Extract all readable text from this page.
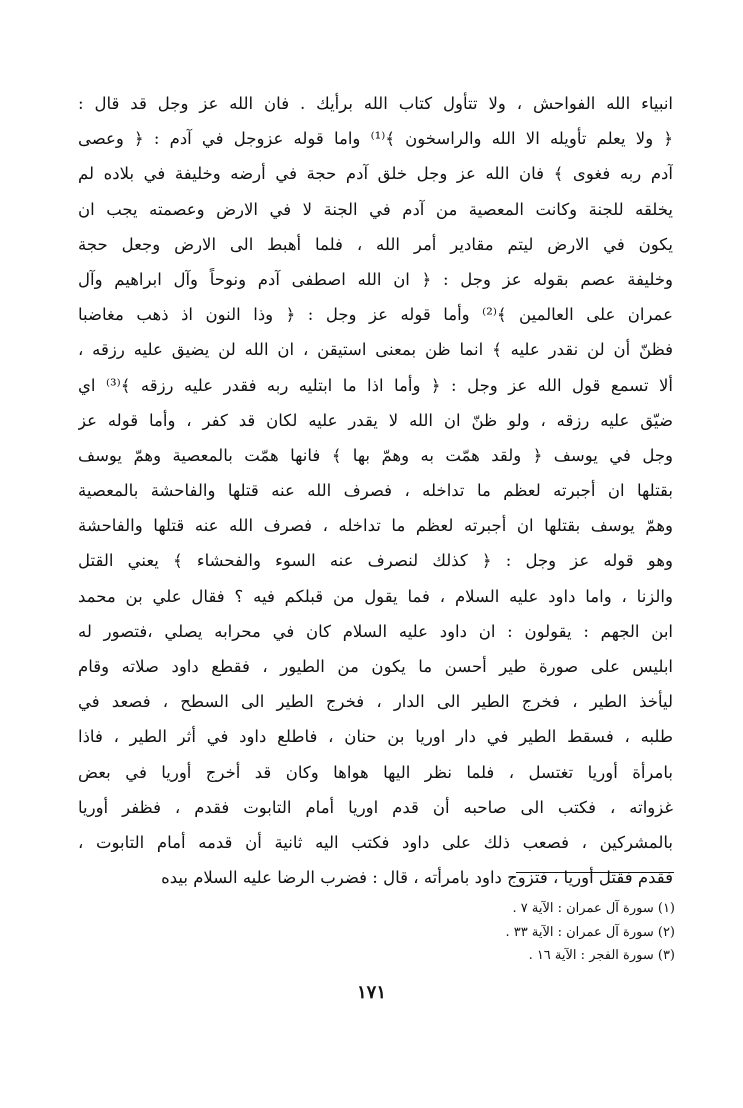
انبياء الله الفواحش ، ولا تتأول كتاب الله برأيك . فان الله عز وجل قد قال :
﴿ ولا يعلم تأويله الا الله والراسخون ﴾⁽¹⁾ واما قوله عزوجل في آدم : ﴿ وعصى
آدم ربه فغوى ﴾ فان الله عز وجل خلق آدم حجة في أرضه وخليفة في بلاده لم
يخلقه للجنة وكانت المعصية من آدم في الجنة لا في الارض وعصمته يجب ان
يكون في الارض ليتم مقادير أمر الله ، فلما أهبط الى الارض وجعل حجة
وخليفة عصم بقوله عز وجل : ﴿ ان الله اصطفى آدم ونوحاً وآل ابراهيم وآل
عمران على العالمين ﴾⁽²⁾ وأما قوله عز وجل : ﴿ وذا النون اذ ذهب مغاضبا
فظنّ أن لن نقدر عليه ﴾ انما ظن بمعنى استيقن ، ان الله لن يضيق عليه رزقه ،
ألا تسمع قول الله عز وجل : ﴿ وأما اذا ما ابتليه ربه فقدر عليه رزقه ﴾⁽³⁾ اي
ضيّق عليه رزقه ، ولو ظنّ ان الله لا يقدر عليه لكان قد كفر ، وأما قوله عز
وجل في يوسف ﴿ ولقد همّت به وهمّ بها ﴾ فانها همّت بالمعصية وهمّ يوسف
بقتلها ان أجبرته لعظم ما تداخله ، فصرف الله عنه قتلها والفاحشة بالمعصية
وهمّ يوسف بقتلها ان أجبرته لعظم ما تداخله ، فصرف الله عنه قتلها والفاحشة
وهو قوله عز وجل : ﴿ كذلك لنصرف عنه السوء والفحشاء ﴾ يعني القتل
والزنا ، واما داود عليه السلام ، فما يقول من قبلكم فيه ؟ فقال علي بن محمد
ابن الجهم : يقولون : ان داود عليه السلام كان في محرابه يصلي ،فتصور له
ابليس على صورة طير أحسن ما يكون من الطيور ، فقطع داود صلاته وقام
ليأخذ الطير ، فخرج الطير الى الدار ، فخرج الطير الى السطح ، فصعد في
طلبه ، فسقط الطير في دار اوريا بن حنان ، فاطلع داود في أثر الطير ، فاذا
بامرأة أوريا تغتسل ، فلما نظر اليها هواها وكان قد أخرج أوريا في بعض
غزواته ، فكتب الى صاحبه أن قدم اوريا أمام التابوت فقدم ، فظفر أوريا
بالمشركين ، فصعب ذلك على داود فكتب اليه ثانية أن قدمه أمام التابوت ،
فقدم فقتل أوريا ، فتزوج داود بامرأته ، قال : فضرب الرضا عليه السلام بيده
(١) سورة آل عمران : الآية ٧ .
(٢) سورة آل عمران : الآية ٣٣ .
(٣) سورة الفجر : الآية ١٦ .
١٧١
